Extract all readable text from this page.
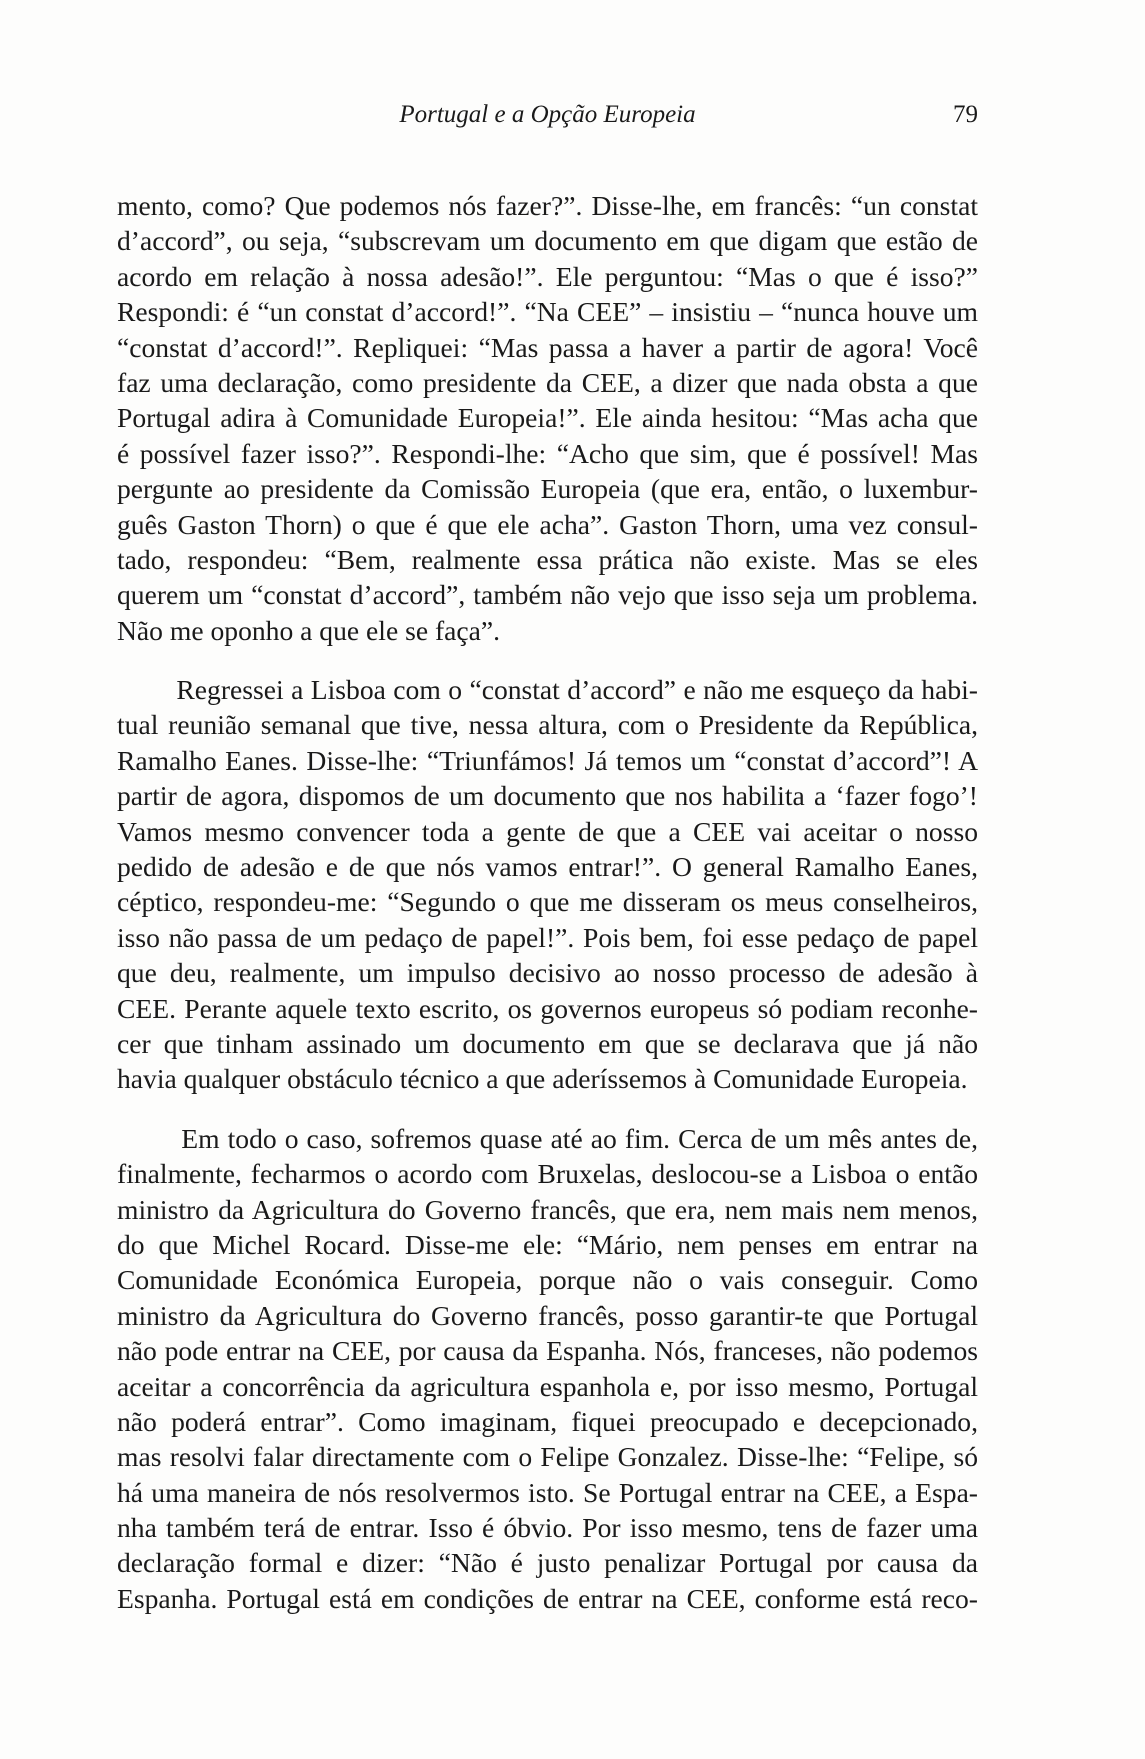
Portugal e a Opção Europeia	79
mento, como? Que podemos nós fazer?”. Disse-lhe, em francês: “un constat
d’accord”, ou seja, “subscrevam um documento em que digam que estão de
acordo em relação à nossa adesão!”. Ele perguntou: “Mas o que é isso?”
Respondi: é “un constat d’accord!”. “Na CEE” – insistiu – “nunca houve um
“constat d’accord!”. Repliquei: “Mas passa a haver a partir de agora! Você
faz uma declaração, como presidente da CEE, a dizer que nada obsta a que
Portugal adira à Comunidade Europeia!”. Ele ainda hesitou: “Mas acha que
é possível fazer isso?”. Respondi-lhe: “Acho que sim, que é possível! Mas
pergunte ao presidente da Comissão Europeia (que era, então, o luxembur-
guês Gaston Thorn) o que é que ele acha”. Gaston Thorn, uma vez consul-
tado, respondeu: “Bem, realmente essa prática não existe. Mas se eles
querem um “constat d’accord”, também não vejo que isso seja um problema.
Não me oponho a que ele se faça”.
Regressei a Lisboa com o “constat d’accord” e não me esqueço da habi-
tual reunião semanal que tive, nessa altura, com o Presidente da República,
Ramalho Eanes. Disse-lhe: “Triunfámos! Já temos um “constat d’accord”! A
partir de agora, dispomos de um documento que nos habilita a ‘fazer fogo’!
Vamos mesmo convencer toda a gente de que a CEE vai aceitar o nosso
pedido de adesão e de que nós vamos entrar!”. O general Ramalho Eanes,
céptico, respondeu-me: “Segundo o que me disseram os meus conselheiros,
isso não passa de um pedaço de papel!”. Pois bem, foi esse pedaço de papel
que deu, realmente, um impulso decisivo ao nosso processo de adesão à
CEE. Perante aquele texto escrito, os governos europeus só podiam reconhe-
cer que tinham assinado um documento em que se declarava que já não
havia qualquer obstáculo técnico a que aderíssemos à Comunidade Europeia.
Em todo o caso, sofremos quase até ao fim. Cerca de um mês antes de,
finalmente, fecharmos o acordo com Bruxelas, deslocou-se a Lisboa o então
ministro da Agricultura do Governo francês, que era, nem mais nem menos,
do que Michel Rocard. Disse-me ele: “Mário, nem penses em entrar na
Comunidade Económica Europeia, porque não o vais conseguir. Como
ministro da Agricultura do Governo francês, posso garantir-te que Portugal
não pode entrar na CEE, por causa da Espanha. Nós, franceses, não podemos
aceitar a concorrência da agricultura espanhola e, por isso mesmo, Portugal
não poderá entrar”. Como imaginam, fiquei preocupado e decepcionado,
mas resolvi falar directamente com o Felipe Gonzalez. Disse-lhe: “Felipe, só
há uma maneira de nós resolvermos isto. Se Portugal entrar na CEE, a Espa-
nha também terá de entrar. Isso é óbvio. Por isso mesmo, tens de fazer uma
declaração formal e dizer: “Não é justo penalizar Portugal por causa da
Espanha. Portugal está em condições de entrar na CEE, conforme está reco-
